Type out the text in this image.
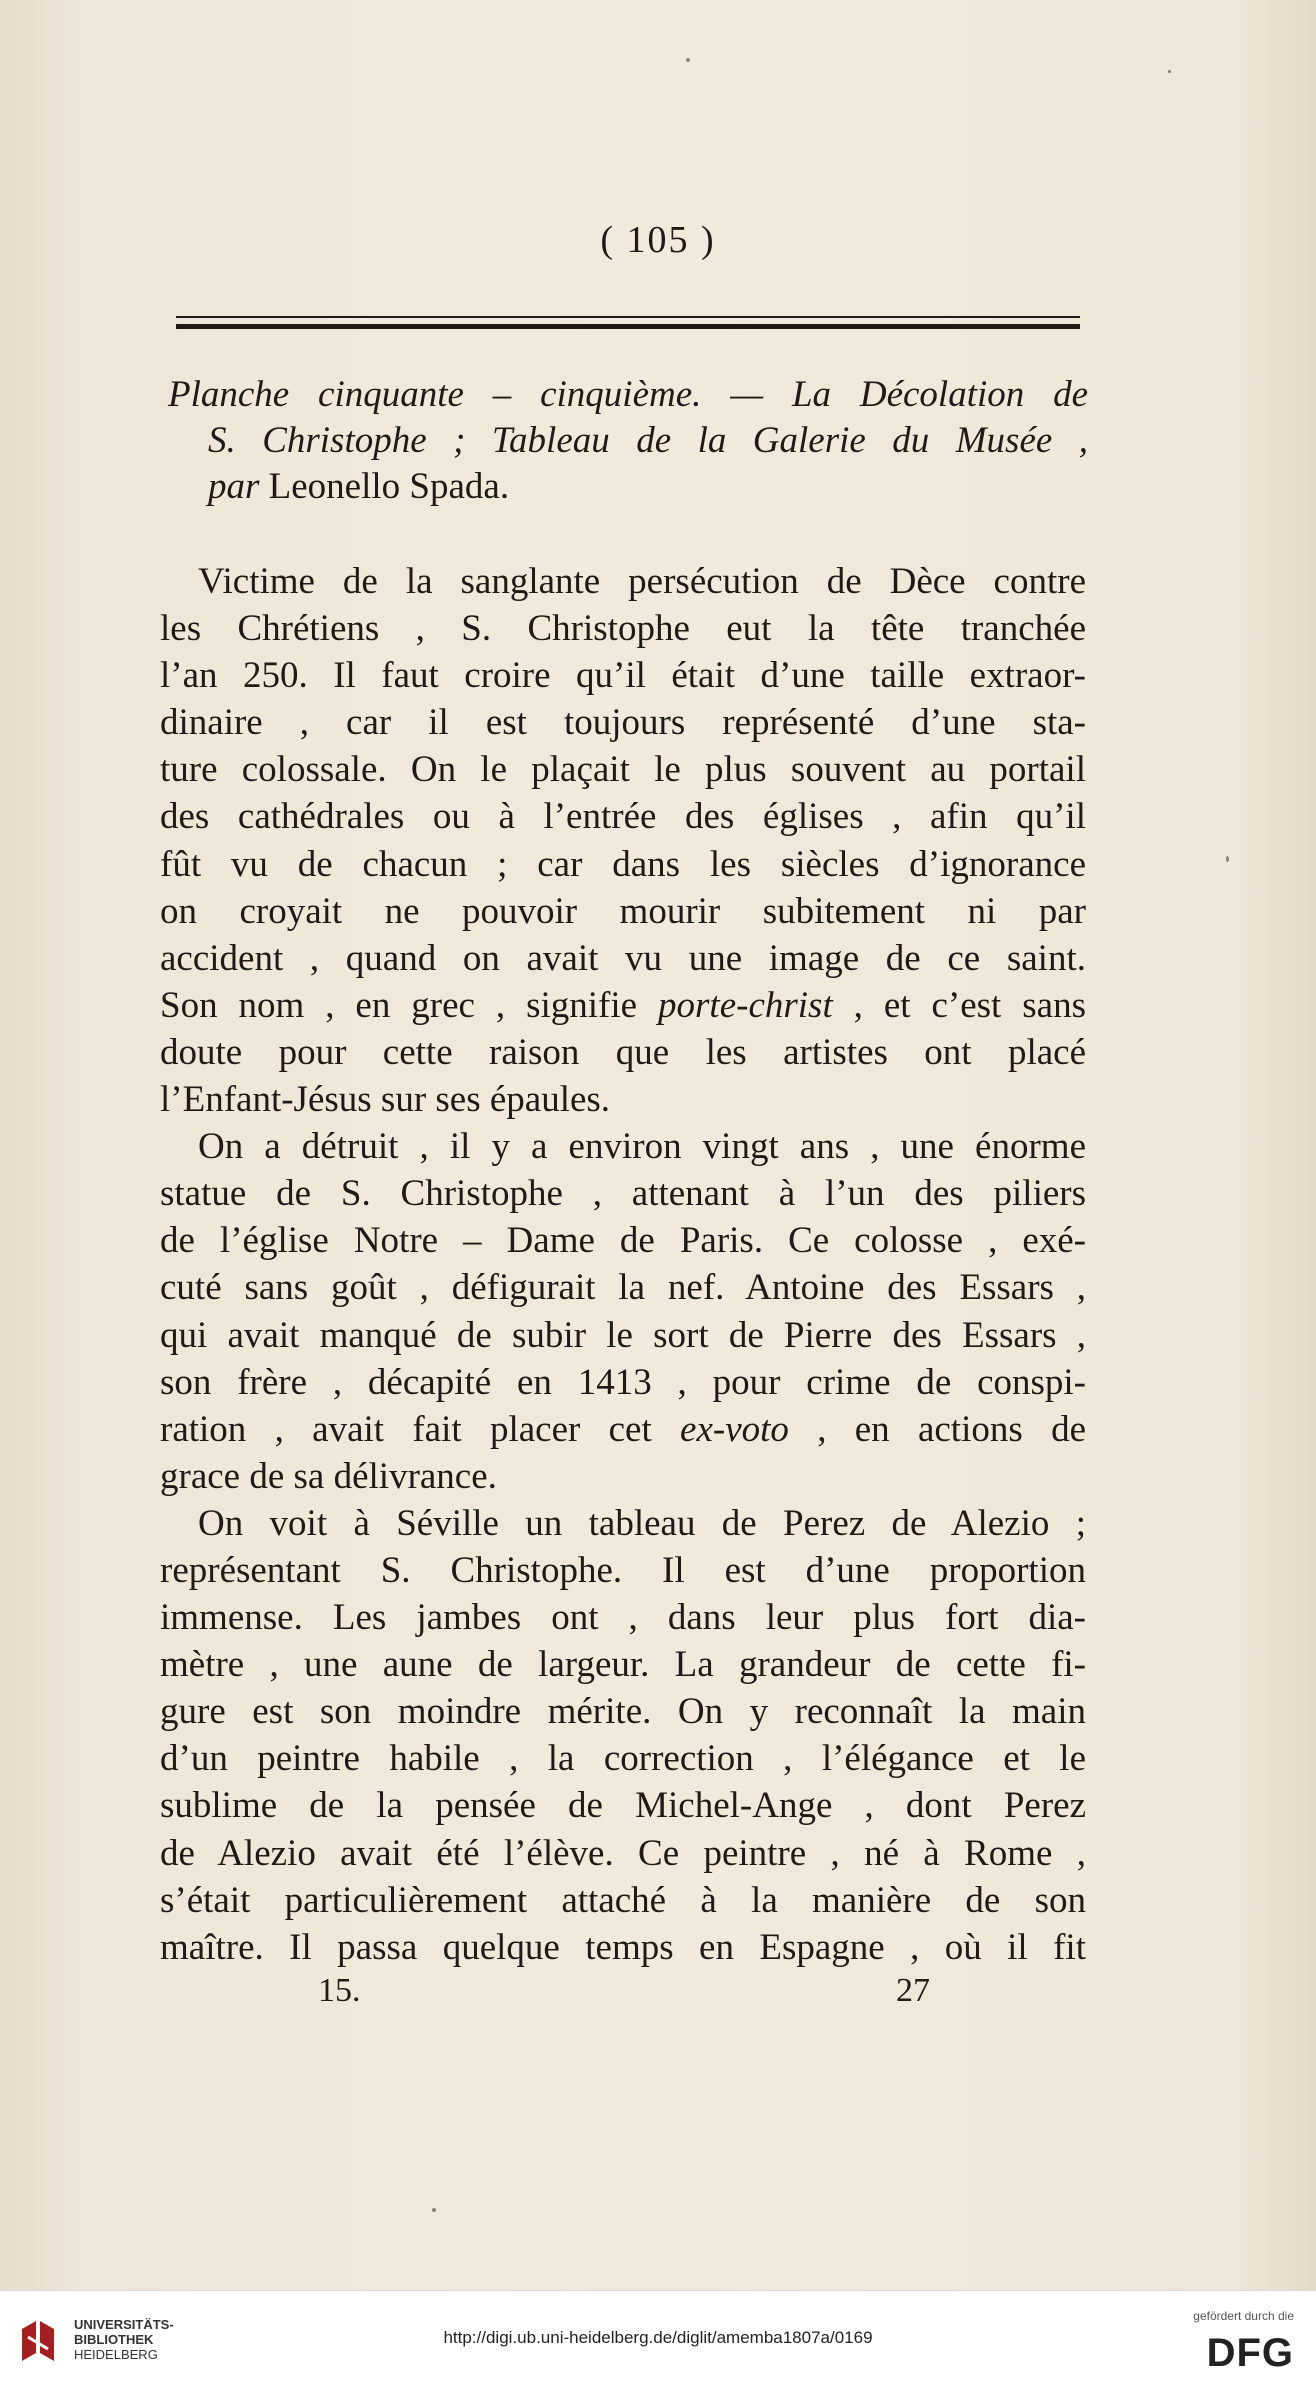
( 105 )
Planche cinquante – cinquième. — La Décolation de
S. Christophe ; Tableau de la Galerie du Musée ,
par Leonello Spada.
Victime de la sanglante persécution de Dèce contre
les Chrétiens , S. Christophe eut la tête tranchée
l’an 250. Il faut croire qu’il était d’une taille extraor-
dinaire , car il est toujours représenté d’une sta-
ture colossale. On le plaçait le plus souvent au portail
des cathédrales ou à l’entrée des églises , afin qu’il
fût vu de chacun ; car dans les siècles d’ignorance
on croyait ne pouvoir mourir subitement ni par
accident , quand on avait vu une image de ce saint.
Son nom , en grec , signifie porte-christ , et c’est sans
doute pour cette raison que les artistes ont placé
l’Enfant-Jésus sur ses épaules.
On a détruit , il y a environ vingt ans , une énorme
statue de S. Christophe , attenant à l’un des piliers
de l’église Notre – Dame de Paris. Ce colosse , exé-
cuté sans goût , défigurait la nef. Antoine des Essars ,
qui avait manqué de subir le sort de Pierre des Essars ,
son frère , décapité en 1413 , pour crime de conspi-
ration , avait fait placer cet ex-voto , en actions de
grace de sa délivrance.
On voit à Séville un tableau de Perez de Alezio ;
représentant S. Christophe. Il est d’une proportion
immense. Les jambes ont , dans leur plus fort dia-
mètre , une aune de largeur. La grandeur de cette fi-
gure est son moindre mérite. On y reconnaît la main
d’un peintre habile , la correction , l’élégance et le
sublime de la pensée de Michel-Ange , dont Perez
de Alezio avait été l’élève. Ce peintre , né à Rome ,
s’était particulièrement attaché à la manière de son
maître. Il passa quelque temps en Espagne , où il fit
15.	27
UNIVERSITÄTS-
BIBLIOTHEK
HEIDELBERG
http://digi.ub.uni-heidelberg.de/diglit/amemba1807a/0169
gefördert durch die
DFG
